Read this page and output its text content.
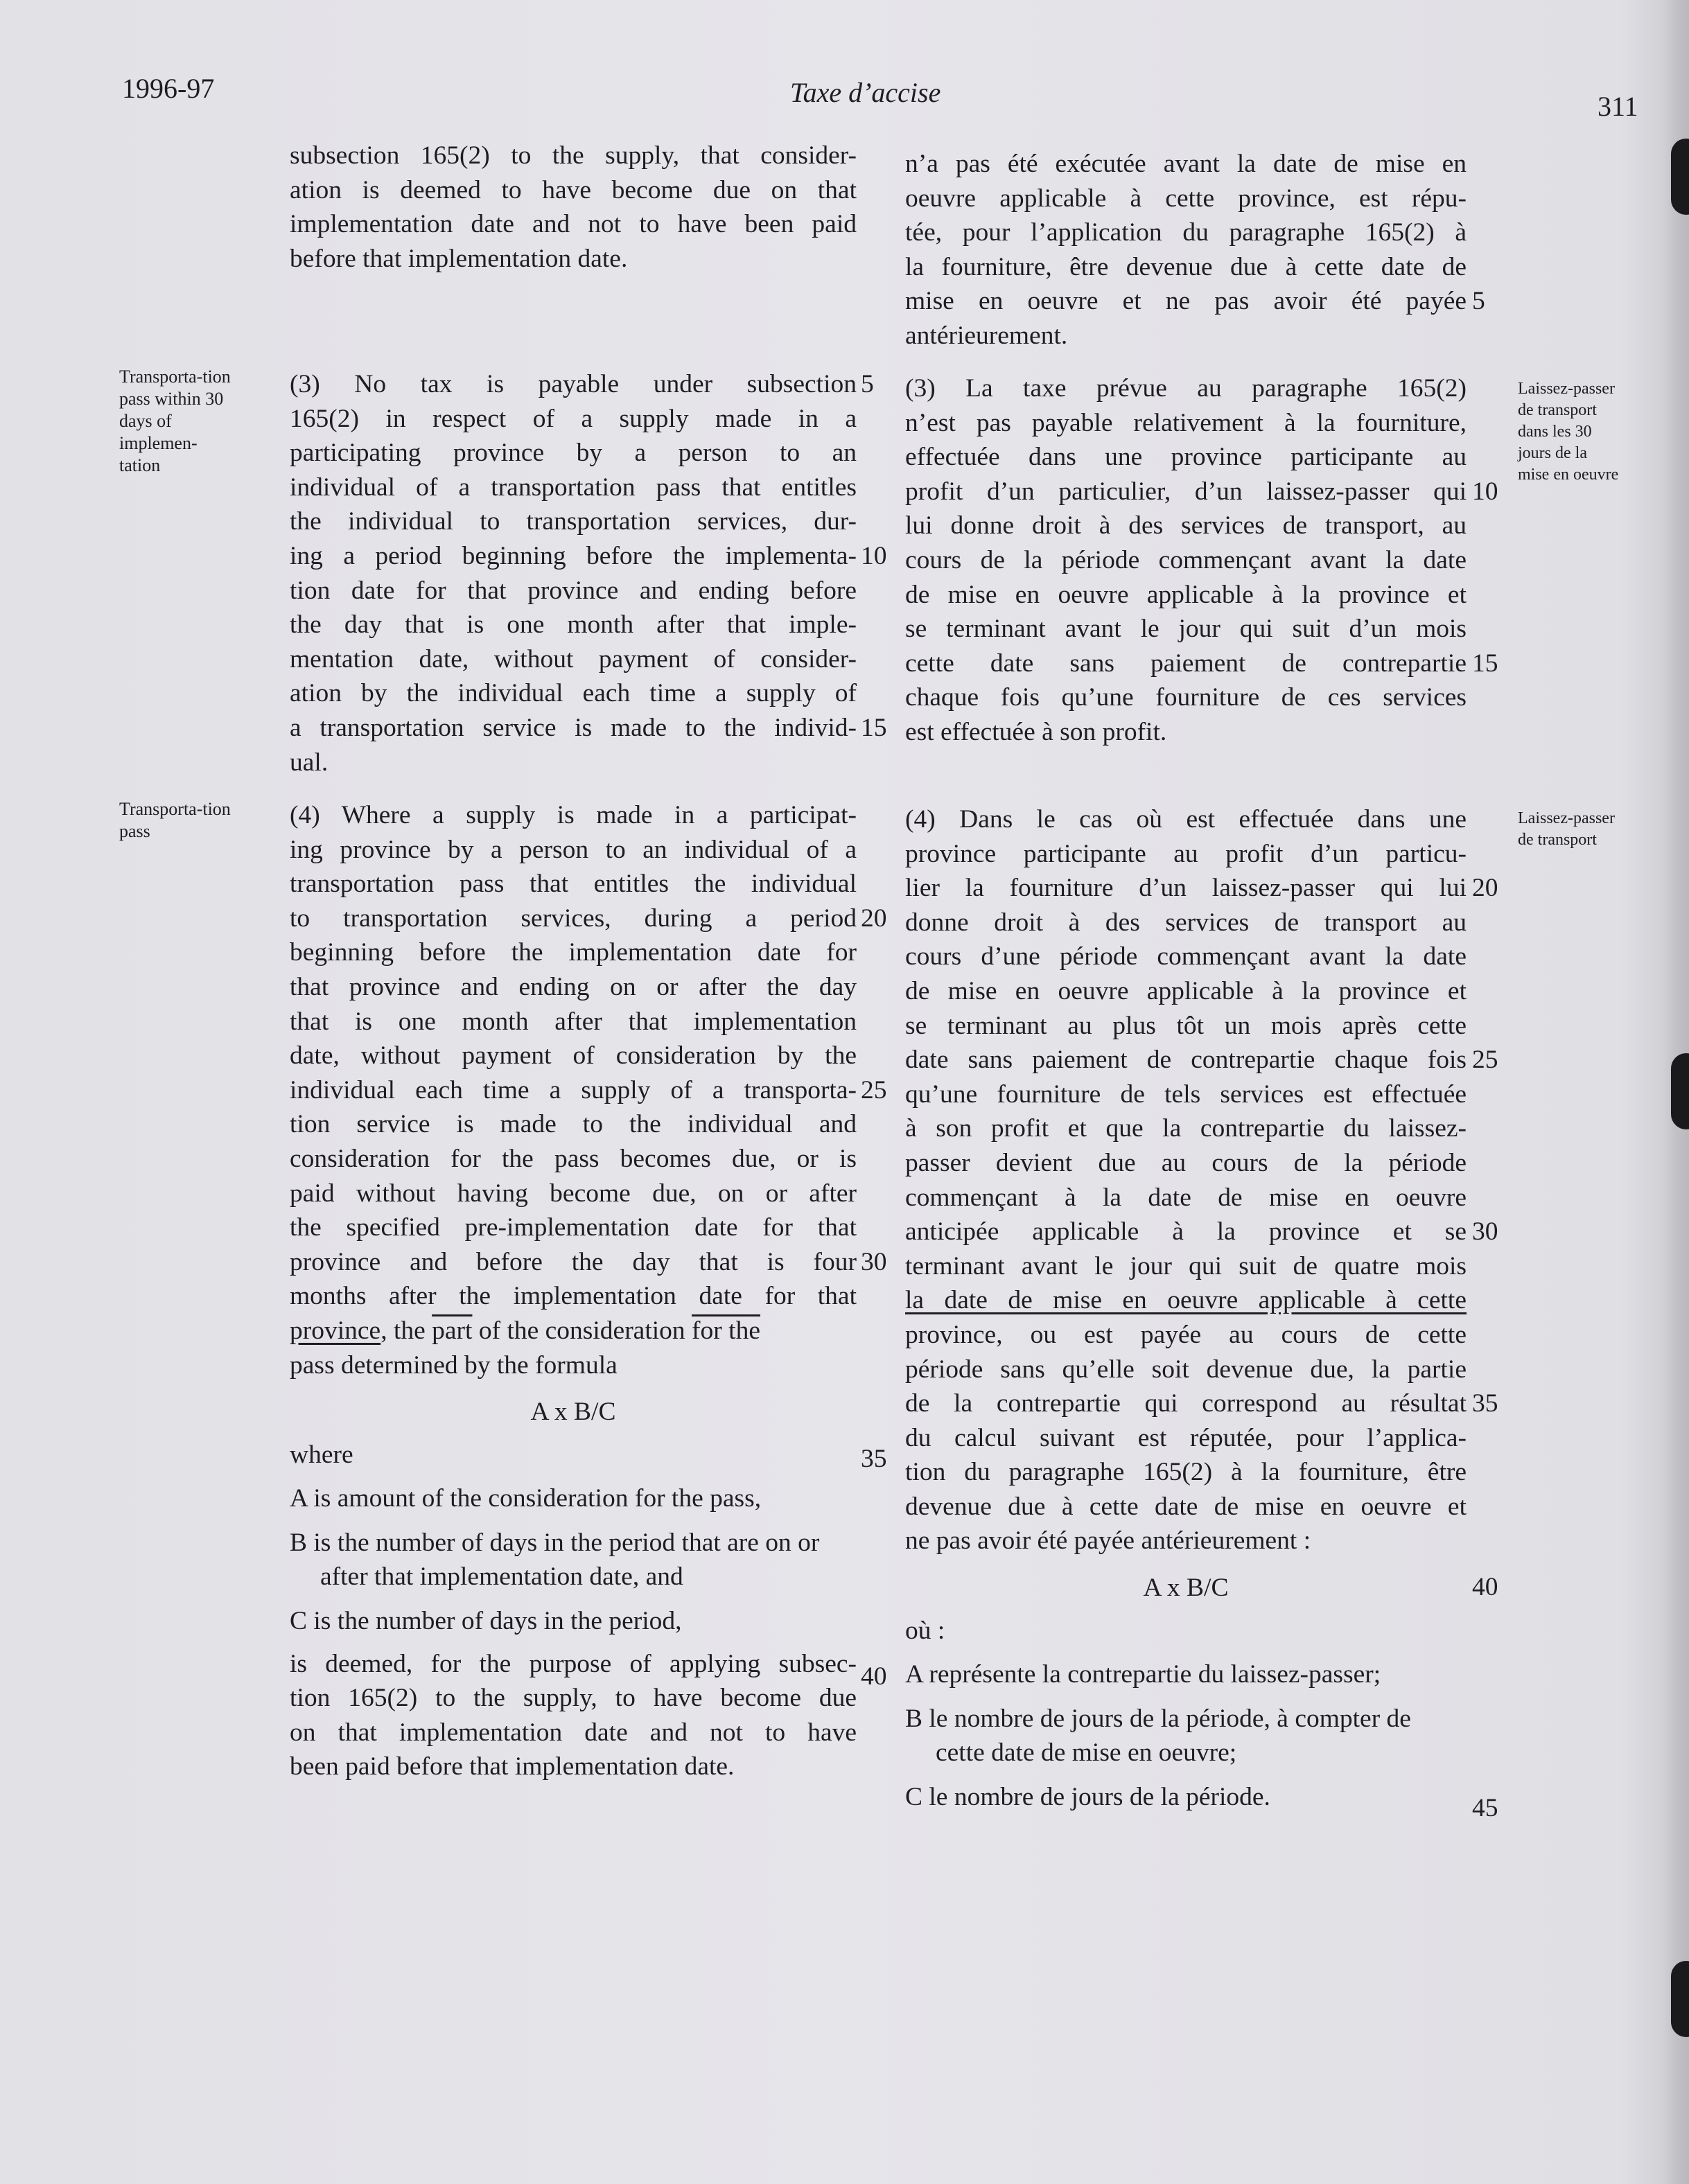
1996-97	Taxe d’accise	311
Transporta-tion pass within 30 days of implemen-tation
Transporta-tion pass
Laissez-passer de transport dans les 30 jours de la mise en oeuvre
Laissez-passer de transport
subsection 165(2) to the supply, that consider-
ation is deemed to have become due on that
implementation date and not to have been paid
before that implementation date.
(3) No tax is payable under subsection
165(2) in respect of a supply made in a
participating province by a person to an
individual of a transportation pass that entitles
the individual to transportation services, dur-
ing a period beginning before the implementa-
tion date for that province and ending before
the day that is one month after that imple-
mentation date, without payment of consider-
ation by the individual each time a supply of
a transportation service is made to the individ-
ual.
(4) Where a supply is made in a participat-
ing province by a person to an individual of a
transportation pass that entitles the individual
to transportation services, during a period
beginning before the implementation date for
that province and ending on or after the day
that is one month after that implementation
date, without payment of consideration by the
individual each time a supply of a transporta-
tion service is made to the individual and
consideration for the pass becomes due, or is
paid without having become due, on or after
the specified pre-implementation date for that
province and before the day that is four
months after the implementation date for that
province, the part of the consideration for the
pass determined by the formula
A x B/C
where
A is amount of the consideration for the pass,
B is the number of days in the period that are on or after that implementation date, and
C is the number of days in the period,
is deemed, for the purpose of applying subsec-
tion 165(2) to the supply, to have become due
on that implementation date and not to have
been paid before that implementation date.
n’a pas été exécutée avant la date de mise en
oeuvre applicable à cette province, est répu-
tée, pour l’application du paragraphe 165(2) à
la fourniture, être devenue due à cette date de
mise en oeuvre et ne pas avoir été payée
antérieurement.
(3) La taxe prévue au paragraphe 165(2)
n’est pas payable relativement à la fourniture,
effectuée dans une province participante au
profit d’un particulier, d’un laissez-passer qui
lui donne droit à des services de transport, au
cours de la période commençant avant la date
de mise en oeuvre applicable à la province et
se terminant avant le jour qui suit d’un mois
cette date sans paiement de contrepartie
chaque fois qu’une fourniture de ces services
est effectuée à son profit.
(4) Dans le cas où est effectuée dans une
province participante au profit d’un particu-
lier la fourniture d’un laissez-passer qui lui
donne droit à des services de transport au
cours d’une période commençant avant la date
de mise en oeuvre applicable à la province et
se terminant au plus tôt un mois après cette
date sans paiement de contrepartie chaque fois
qu’une fourniture de tels services est effectuée
à son profit et que la contrepartie du laissez-
passer devient due au cours de la période
commençant à la date de mise en oeuvre
anticipée applicable à la province et se
terminant avant le jour qui suit de quatre mois
la date de mise en oeuvre applicable à cette
province, ou est payée au cours de cette
période sans qu’elle soit devenue due, la partie
de la contrepartie qui correspond au résultat
du calcul suivant est réputée, pour l’applica-
tion du paragraphe 165(2) à la fourniture, être
devenue due à cette date de mise en oeuvre et
ne pas avoir été payée antérieurement :
A x B/C
où :
A représente la contrepartie du laissez-passer;
B le nombre de jours de la période, à compter de cette date de mise en oeuvre;
C le nombre de jours de la période.
5
10
15
20
25
30
35
40
5
10
15
20
25
30
35
40
45
